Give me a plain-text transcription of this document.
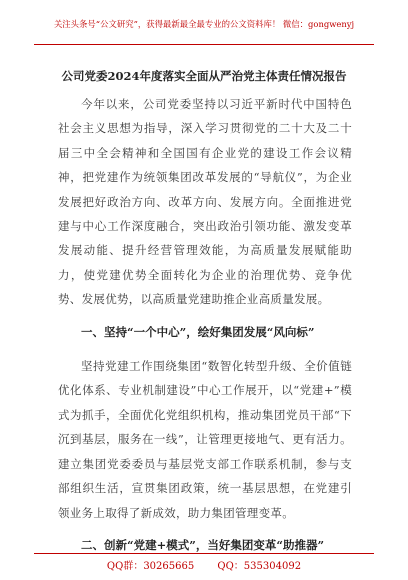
关注头条号“公文研究”，获得最新最全最专业的公文资料库！ 微信：gongwenyj
公司党委2024年度落实全面从严治党主体责任情况报告

今年以来，公司党委坚持以习近平新时代中国特色社会主义思想为指导，深入学习贯彻党的二十大及二十届三中全会精神和全国国有企业党的建设工作会议精神，把党建作为统领集团改革发展的“导航仪”，为企业发展把好政治方向、改革方向、发展方向。全面推进党建与中心工作深度融合，突出政治引领功能、激发变革发展动能、提升经营管理效能，为高质量发展赋能助力，使党建优势全面转化为企业的治理优势、竞争优势、发展优势，以高质量党建助推企业高质量发展。

一、坚持“一个中心”，绘好集团发展“风向标”

坚持党建工作围绕集团“数智化转型升级、全价值链优化体系、专业机制建设”中心工作展开，以“党建+”模式为抓手，全面优化党组织机构，推动集团党员干部“下沉到基层，服务在一线”，让管理更接地气、更有活力。建立集团党委委员与基层党支部工作联系机制，参与支部组织生活，宣贯集团政策，统一基层思想，在党建引领业务上取得了新成效，助力集团管理变革。

二、创新“党建+模式”，当好集团变革“助推器”
QQ群：30265665 QQ：535304092
